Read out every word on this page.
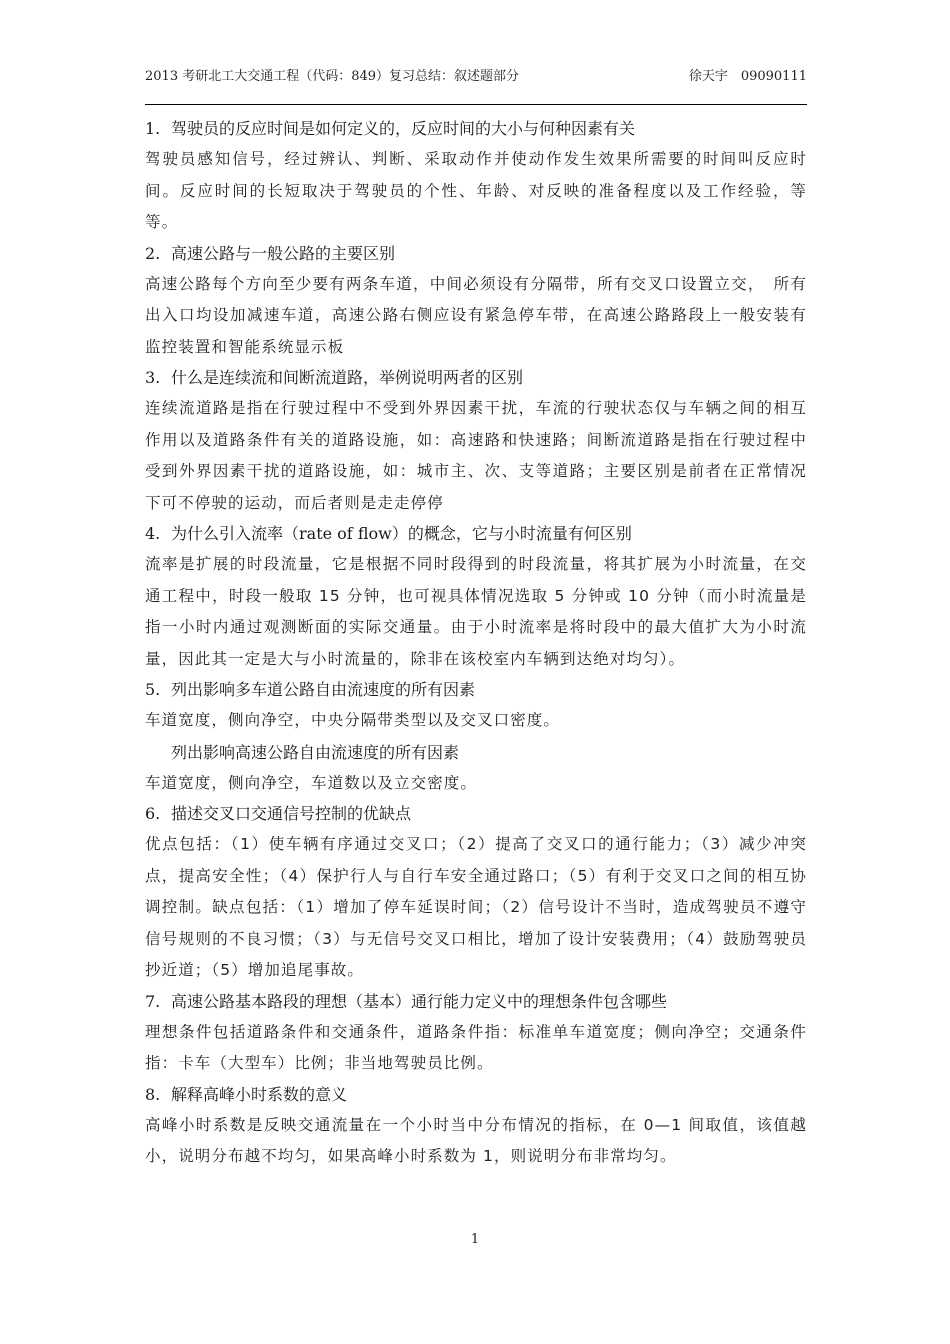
2013 考研北工大交通工程（代码：849）复习总结：叙述题部分	徐天宇　09090111
1. 驾驶员的反应时间是如何定义的，反应时间的大小与何种因素有关
驾驶员感知信号，经过辨认、判断、采取动作并使动作发生效果所需要的时间叫反应时间。反应时间的长短取决于驾驶员的个性、年龄、对反映的准备程度以及工作经验，等等。
2. 高速公路与一般公路的主要区别
高速公路每个方向至少要有两条车道，中间必须设有分隔带，所有交叉口设置立交，　所有出入口均设加减速车道，高速公路右侧应设有紧急停车带，在高速公路路段上一般安装有监控装置和智能系统显示板
3. 什么是连续流和间断流道路，举例说明两者的区别
连续流道路是指在行驶过程中不受到外界因素干扰，车流的行驶状态仅与车辆之间的相互作用以及道路条件有关的道路设施，如：高速路和快速路；间断流道路是指在行驶过程中受到外界因素干扰的道路设施，如：城市主、次、支等道路；主要区别是前者在正常情况下可不停驶的运动，而后者则是走走停停
4. 为什么引入流率（rate of flow）的概念，它与小时流量有何区别
流率是扩展的时段流量，它是根据不同时段得到的时段流量，将其扩展为小时流量，在交通工程中，时段一般取 15 分钟，也可视具体情况选取 5 分钟或 10 分钟（而小时流量是指一小时内通过观测断面的实际交通量。由于小时流率是将时段中的最大值扩大为小时流量，因此其一定是大与小时流量的，除非在该校室内车辆到达绝对均匀）。
5. 列出影响多车道公路自由流速度的所有因素
车道宽度，侧向净空，中央分隔带类型以及交叉口密度。
列出影响高速公路自由流速度的所有因素
车道宽度，侧向净空，车道数以及立交密度。
6. 描述交叉口交通信号控制的优缺点
优点包括：（1）使车辆有序通过交叉口；（2）提高了交叉口的通行能力；（3）减少冲突点，提高安全性；（4）保护行人与自行车安全通过路口；（5）有利于交叉口之间的相互协调控制。缺点包括：（1）增加了停车延误时间；（2）信号设计不当时，造成驾驶员不遵守信号规则的不良习惯；（3）与无信号交叉口相比，增加了设计安装费用；（4）鼓励驾驶员抄近道；（5）增加追尾事故。
7. 高速公路基本路段的理想（基本）通行能力定义中的理想条件包含哪些
理想条件包括道路条件和交通条件，道路条件指：标准单车道宽度；侧向净空；交通条件指：卡车（大型车）比例；非当地驾驶员比例。
8. 解释高峰小时系数的意义
高峰小时系数是反映交通流量在一个小时当中分布情况的指标，在 0—1 间取值，该值越小，说明分布越不均匀，如果高峰小时系数为 1，则说明分布非常均匀。
1
